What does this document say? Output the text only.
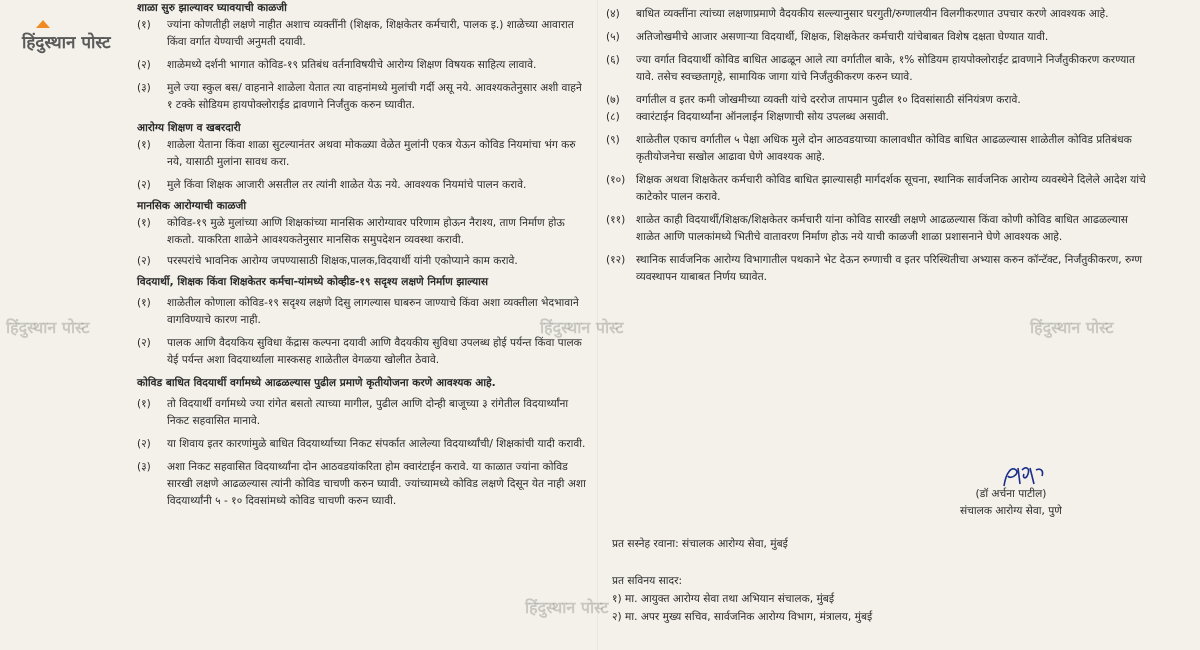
शाळा सुरु झाल्यावर घ्यावयाची काळजी

(१)	ज्यांना कोणतीही लक्षणे नाहीत अशाच व्यक्तींनी (शिक्षक, शिक्षकेतर कर्मचारी, पालक इ.) शाळेच्या आवारात किंवा वर्गात येण्याची अनुमती दयावी.
(२)	शाळेमध्ये दर्शनी भागात कोविड-१९ प्रतिबंध वर्तनाविषयीचे आरोग्य शिक्षण विषयक साहित्य लावावे.
(३)	मुले ज्या स्कुल बस/ वाहनाने शाळेला येतात त्या वाहनांमध्ये मुलांची गर्दी असू नये. आवश्यकतेनुसार अशी वाहने १ टक्के सोडियम हायपोक्लोराईड द्रावणाने निर्जंतुक करुन घ्यावीत.

आरोग्य शिक्षण व खबरदारी

(१)	शाळेला येताना किंवा शाळा सुटल्यानंतर अथवा मोकळ्या वेळेत मुलांनी एकत्र येऊन कोविड नियमांचा भंग करु नये, यासाठी मुलांना सावध करा.
(२)	मुले किंवा शिक्षक आजारी असतील तर त्यांनी शाळेत येऊ नये. आवश्यक नियमांचे पालन करावे.

मानसिक आरोग्याची काळजी

(१)	कोविड-१९ मुळे मुलांच्या आणि शिक्षकांच्या मानसिक आरोग्यावर परिणाम होऊन नैराश्य, ताण निर्माण होऊ शकतो. याकरिता शाळेने आवश्यकतेनुसार मानसिक समुपदेशन व्यवस्था करावी.
(२)	परस्परांचे भावनिक आरोग्य जपण्यासाठी शिक्षक,पालक,विदयार्थी यांनी एकोप्याने काम करावे.

विदयार्थी, शिक्षक किंवा शिक्षकेतर कर्मचा-यांमध्ये कोव्हीड-१९ सदृश्य लक्षणे निर्माण झाल्यास

(१)	शाळेतील कोणाला कोविड-१९ सदृश्य लक्षणे दिसु लागल्यास घाबरुन जाण्याचे किंवा अशा व्यक्तीला भेदभावाने वागविण्याचे कारण नाही.
(२)	पालक आणि वैदयकिय सुविधा केंद्रास कल्पना दयावी आणि वैदयकीय सुविधा उपलब्ध होई पर्यन्त किंवा पालक येई पर्यन्त अशा विदयार्थ्याला मास्कसह शाळेतील वेगळया खोलीत ठेवावे.

कोविड बाधित विदयार्थी वर्गामध्ये आढळल्यास पुढील प्रमाणे कृतीयोजना करणे आवश्यक आहे.

(१)	तो विदयार्थी वर्गामध्ये ज्या रांगेत बसतो त्याच्या मागील, पुढील आणि दोन्ही बाजूच्या ३ रांगेतील विदयार्थ्यांना निकट सहवासित मानावे.
(२)	या शिवाय इतर कारणांमुळे बाधित विदयार्थ्याच्या निकट संपर्कात आलेल्या विदयार्थ्यांची/ शिक्षकांची यादी करावी.
(३)	अशा निकट सहवासित विदयार्थ्यांना दोन आठवडयांकरिता होम क्वारंटाईन करावे. या काळात ज्यांना कोविड सारखी लक्षणे आढळल्यास त्यांनी कोविड चाचणी करुन घ्यावी. ज्यांच्यामध्ये कोविड लक्षणे दिसून येत नाही अशा विदयार्थ्यांनी ५ - १० दिवसांमध्ये कोविड चाचणी करुन घ्यावी.
(४)	बाधित व्यक्तींना त्यांच्या लक्षणाप्रमाणे वैदयकीय सल्ल्यानुसार घरगुती/रुग्णालयीन विलगीकरणात उपचार करणे आवश्यक आहे.
(५)	अतिजोखमीचे आजार असणाऱ्या विदयार्थी, शिक्षक, शिक्षकेतर कर्मचारी यांचेबाबत विशेष दक्षता घेण्यात यावी.
(६)	ज्या वर्गात विदयार्थी कोविड बाधित आढळून आले त्या वर्गातील बाके, १% सोडियम हायपोक्लोराईट द्रावणाने निर्जंतुकीकरण करण्यात यावे. तसेच स्वच्छतागृहे, सामायिक जागा यांचे निर्जंतुकीकरण करुन घ्यावे.
(७)	वर्गातील व इतर कमी जोखमीच्या व्यक्ती यांचे दररोज तापमान पुढील १० दिवसांसाठी संनियंत्रण करावे.
(८)	क्वारंटाईन विदयार्थ्यांना ऑनलाईन शिक्षणाची सोय उपलब्ध असावी.
(९)	शाळेतील एकाच वर्गातील ५ पेक्षा अधिक मुले दोन आठवडयाच्या कालावधीत कोविड बाधित आढळल्यास शाळेतील कोविड प्रतिबंधक कृतीयोजनेचा सखोल आढावा घेणे आवश्यक आहे.
(१०)	शिक्षक अथवा शिक्षकेतर कर्मचारी कोविड बाधित झाल्यासही मार्गदर्शक सूचना, स्थानिक सार्वजनिक आरोग्य व्यवस्थेने दिलेले आदेश यांचे काटेकोर पालन करावे.
(११)	शाळेत काही विदयार्थी/शिक्षक/शिक्षकेतर कर्मचारी यांना कोविड सारखी लक्षणे आढळल्यास किंवा कोणी कोविड बाधित आढळल्यास शाळेत आणि पालकांमध्ये भितीचे वातावरण निर्माण होऊ नये याची काळजी शाळा प्रशासनाने घेणे आवश्यक आहे.
(१२)	स्थानिक सार्वजनिक आरोग्य विभागातील पथकाने भेट देऊन रुग्णाची व इतर परिस्थितीचा अभ्यास करुन कॉन्टॅक्ट, निर्जंतुकीकरण, रुग्ण व्यवस्थापन याबाबत निर्णय घ्यावेत.
(डॉ अर्चना पाटील)
संचालक आरोग्य सेवा, पुणे
प्रत सस्नेह रवाना: संचालक आरोग्य सेवा, मुंबई
प्रत सविनय सादर:
१) मा. आयुक्त आरोग्य सेवा तथा अभियान संचालक, मुंबई
२) मा. अपर मुख्य सचिव, सार्वजनिक आरोग्य विभाग, मंत्रालय, मुंबई
हिंदुस्थान पोस्ट
हिंदुस्थान पोस्ट	हिंदुस्थान पोस्ट	हिंदुस्थान पोस्ट
हिंदुस्थान पोस्ट
